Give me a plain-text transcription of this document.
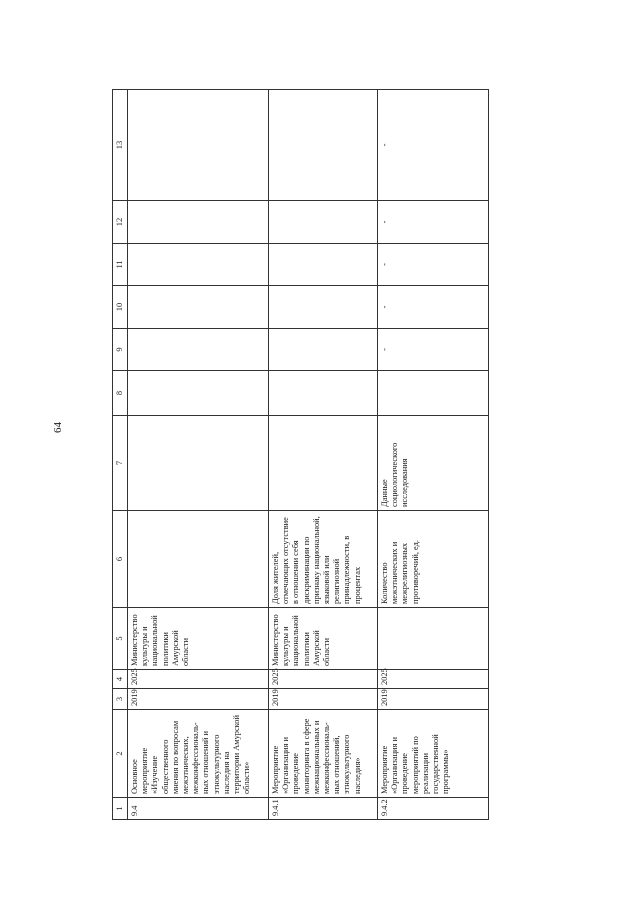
64
1	2	3	4	5	6	7	8	9	10	11	12	13
9.4	Основное мероприятие «Изучение общественного мнения по вопросам межэтнических, межконфессиональ-ных отношений и этнокультурного наследия на территории Амурской области»	2019	2025	Министерство культуры и национальной политики Амурской области								
9.4.1	Мероприятие «Организация и проведение мониторинга в сфере межнациональных и межконфессиональ-ных отношений, этнокультурного наследия»	2019	2025	Министерство культуры и национальной политики Амурской области	Доля жителей, отмечающих отсутствие в отношении себя дискриминации по признаку национальной, языковой или религиозной принадлежности, в процентах							
9.4.2	Мероприятие «Организация и проведение мероприятий по реализации государственной программы»	2019	2025		Количество межэтнических и межрелигиозных противоречий, ед.	Данные социологического исследования		-	-	-	-	-
